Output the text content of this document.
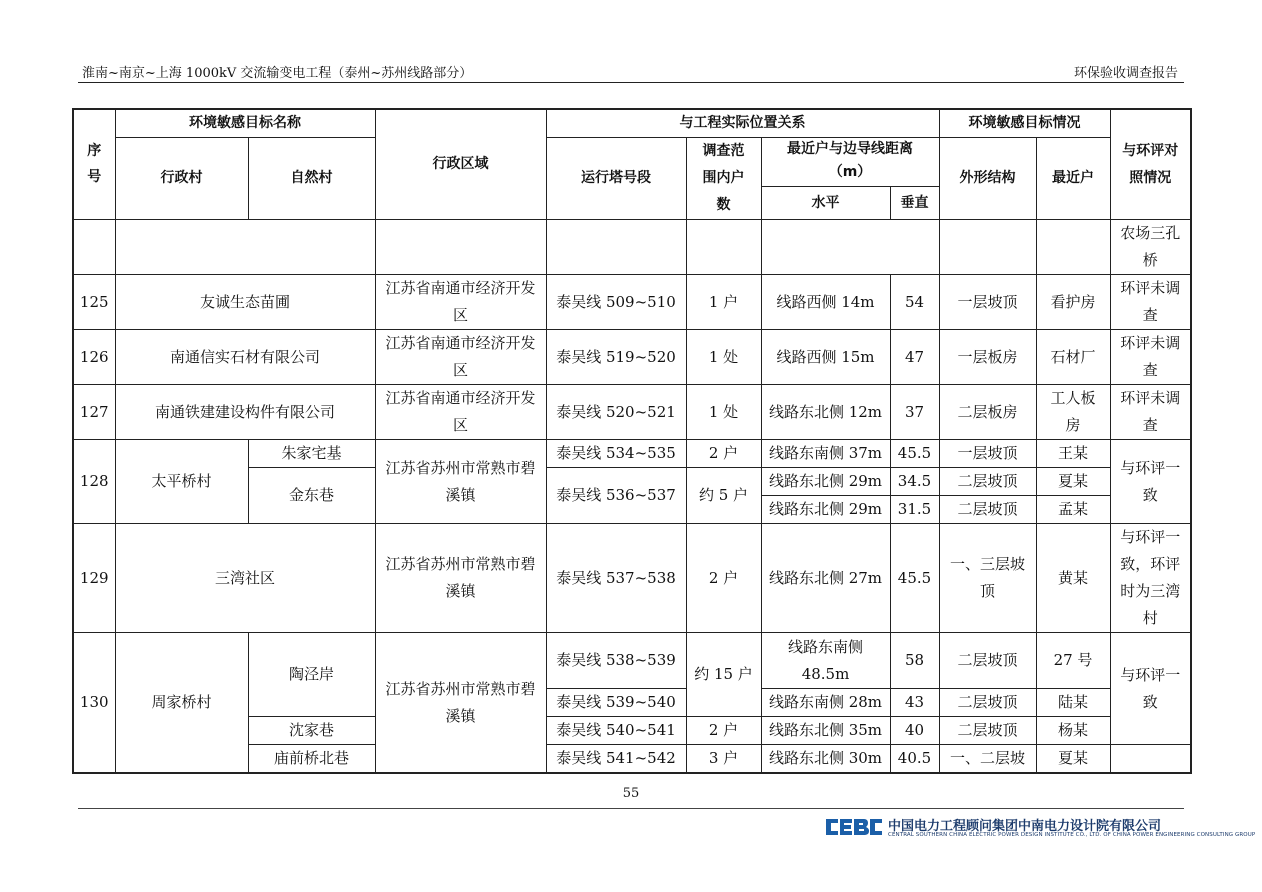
淮南~南京~上海 1000kV 交流输变电工程（泰州~苏州线路部分）	环保验收调查报告
序号	环境敏感目标名称		行政区域	与工程实际位置关系				环境敏感目标情况		与环评对照情况
	行政村	自然村		运行塔号段	调查范围内户数	最近户与边导线距离（m）		外形结构	最近户	
						水平	垂直			
										农场三孔桥
125	友诚生态苗圃		江苏省南通市经济开发区	泰吴线 509~510	1 户	线路西侧 14m	54	一层坡顶	看护房	环评未调查
126	南通信实石材有限公司		江苏省南通市经济开发区	泰吴线 519~520	1 处	线路西侧 15m	47	一层板房	石材厂	环评未调查
127	南通铁建建设构件有限公司		江苏省南通市经济开发区	泰吴线 520~521	1 处	线路东北侧 12m	37	二层板房	工人板房	环评未调查
128	太平桥村	朱家宅基	江苏省苏州市常熟市碧溪镇	泰吴线 534~535	2 户	线路东南侧 37m	45.5	一层坡顶	王某	与环评一致
		金东巷		泰吴线 536~537	约 5 户	线路东北侧 29m	34.5	二层坡顶	夏某	
						线路东北侧 29m	31.5	二层坡顶	孟某	
129	三湾社区		江苏省苏州市常熟市碧溪镇	泰吴线 537~538	2 户	线路东北侧 27m	45.5	一、三层坡顶	黄某	与环评一致，环评时为三湾村
130	周家桥村	陶泾岸	江苏省苏州市常熟市碧溪镇	泰吴线 538~539	约 15 户	线路东南侧 48.5m	58	二层坡顶	27 号	与环评一致
				泰吴线 539~540		线路东南侧 28m	43	二层坡顶	陆某	
		沈家巷		泰吴线 540~541	2 户	线路东北侧 35m	40	二层坡顶	杨某	
		庙前桥北巷		泰吴线 541~542	3 户	线路东北侧 30m	40.5	一、二层坡	夏某	
55
中国电力工程顾问集团中南电力设计院有限公司
CENTRAL SOUTHERN CHINA ELECTRIC POWER DESIGN INSTITUTE CO., LTD. OF CHINA POWER ENGINEERING CONSULTING GROUP
